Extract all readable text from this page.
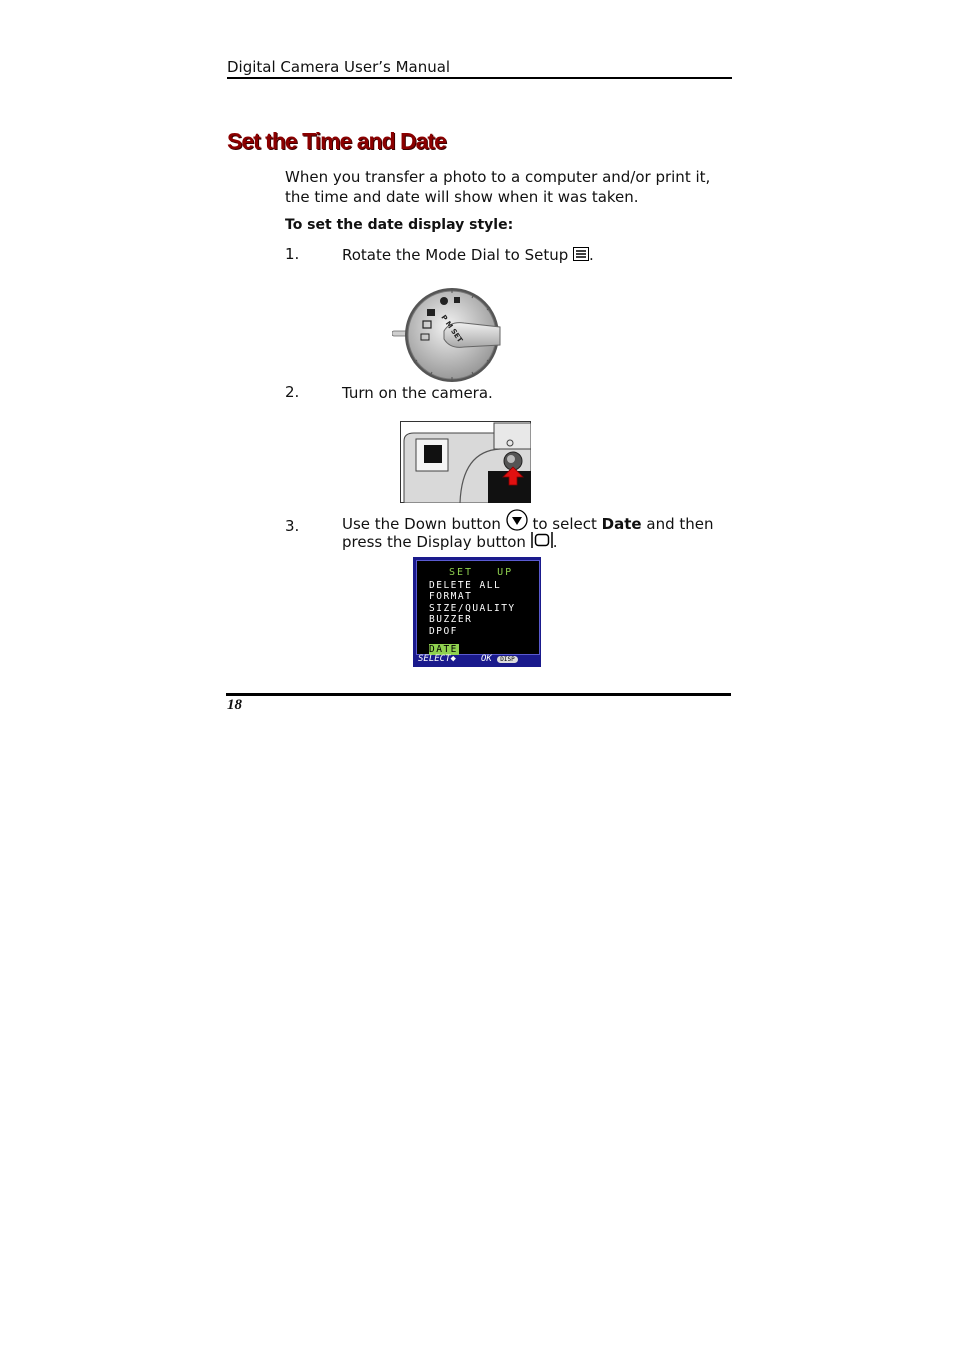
Digital Camera User’s Manual
Set the Time and Date
When you transfer a photo to a computer and/or print it, the time and date will show when it was taken.
To set the date display style:
1.	Rotate the Mode Dial to Setup .
P M SET
2.	Turn on the camera.
3.	Use the Down button to select Date and then
press the Display button .
SET   UP
DELETE ALL
FORMAT
SIZE/QUALITY
BUZZER
DPOF
DATE
SELECT◆	OK DISP
18
